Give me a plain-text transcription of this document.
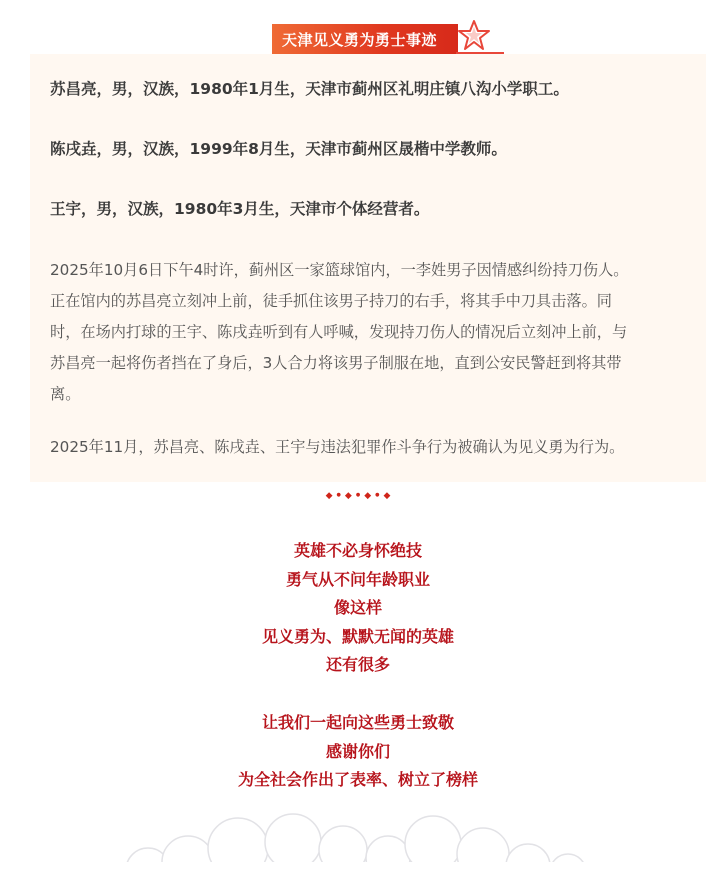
天津见义勇为勇士事迹
苏昌亮，男，汉族，1980年1月生，天津市蓟州区礼明庄镇八沟小学职工。
陈戌垚，男，汉族，1999年8月生，天津市蓟州区晟楷中学教师。
王宇，男，汉族，1980年3月生，天津市个体经营者。
2025年10月6日下午4时许，蓟州区一家篮球馆内，一李姓男子因情感纠纷持刀伤人。
正在馆内的苏昌亮立刻冲上前，徒手抓住该男子持刀的右手，将其手中刀具击落。同
时，在场内打球的王宇、陈戌垚听到有人呼喊，发现持刀伤人的情况后立刻冲上前，与
苏昌亮一起将伤者挡在了身后，3人合力将该男子制服在地，直到公安民警赶到将其带
离。
2025年11月，苏昌亮、陈戌垚、王宇与违法犯罪作斗争行为被确认为见义勇为行为。
◆ ● ◆ ● ◆ ● ◆
英雄不必身怀绝技
勇气从不问年龄职业
像这样
见义勇为、默默无闻的英雄
还有很多
让我们一起向这些勇士致敬
感谢你们
为全社会作出了表率、树立了榜样
